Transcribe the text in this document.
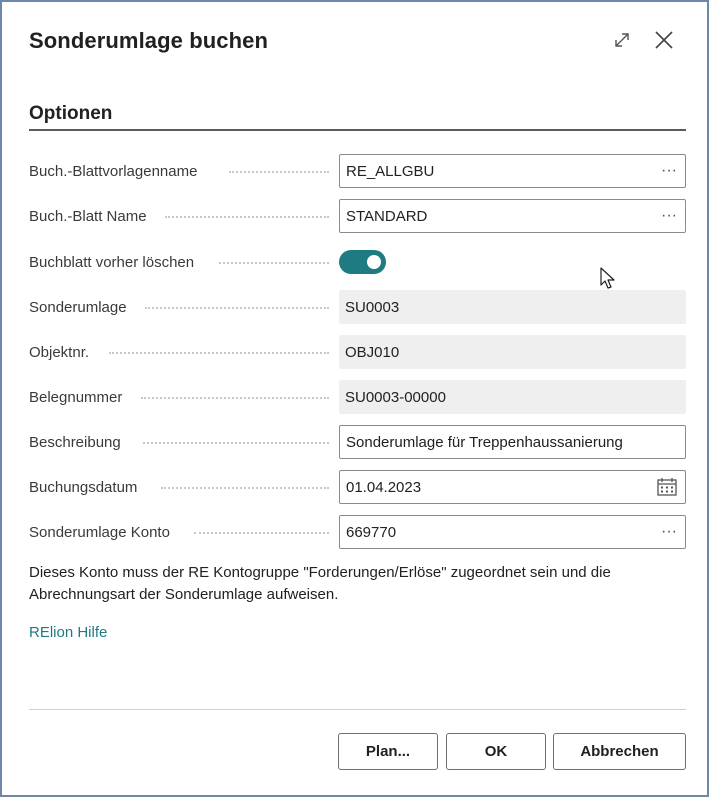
Sonderumlage buchen
Optionen
Buch.-Blattvorlagenname	RE_ALLGBU	···
Buch.-Blatt Name	STANDARD	···
Buchblatt vorher löschen
Sonderumlage	SU0003
Objektnr.	OBJ010
Belegnummer	SU0003-00000
Beschreibung	Sonderumlage für Treppenhaussanierung
Buchungsdatum	01.04.2023
Sonderumlage Konto	669770	···
Dieses Konto muss der RE Kontogruppe "Forderungen/Erlöse" zugeordnet sein und die Abrechnungsart der Sonderumlage aufweisen.
RElion Hilfe
Plan...	OK	Abbrechen
